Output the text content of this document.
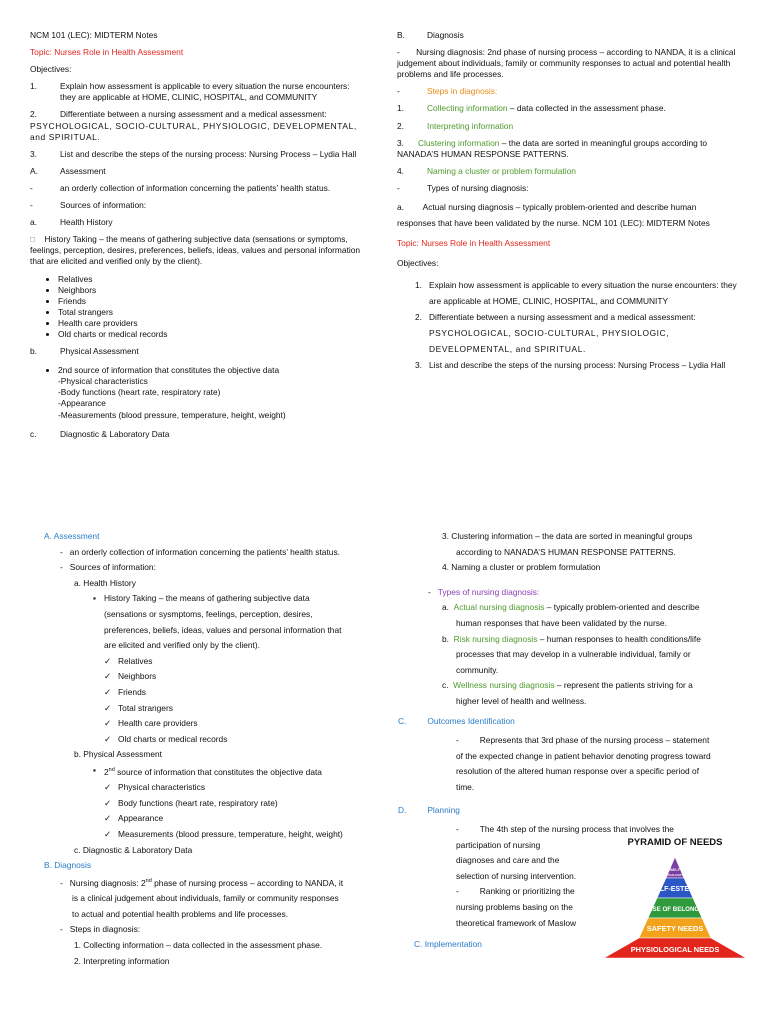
NCM 101 (LEC): MIDTERM Notes

Topic: Nurses Role in Health Assessment

Objectives:

1.	Explain how assessment is applicable to every situation the nurse encounters: they are applicable at HOME, CLINIC, HOSPITAL, and COMMUNITY
2.	Differentiate between a nursing assessment and a medical assessment:

PSYCHOLOGICAL, SOCIO-CULTURAL, PHYSIOLOGIC, DEVELOPMENTAL, and SPIRITUAL.

3.	List and describe the steps of the nursing process: Nursing Process – Lydia Hall
A.	Assessment
-	an orderly collection of information concerning the patients’ health status.
-	Sources of information:
a.	Health History

□ History Taking – the means of gathering subjective data (sensations or symptoms, feelings, perception, desires, preferences, beliefs, ideas, values and personal information that are elicited and verified only by the client).

• Relatives
• Neighbors
• Friends
• Total strangers
• Health care providers
• Old charts or medical records
b.	Physical Assessment
• 2nd source of information that constitutes the objective data
-Physical characteristics
-Body functions (heart rate, respiratory rate)
-Appearance
-Measurements (blood pressure, temperature, height, weight)
c.	Diagnostic & Laboratory Data
B.	Diagnosis

- Nursing diagnosis: 2nd phase of nursing process – according to NANDA, it is a clinical judgement about individuals, family or community responses to actual and potential health problems and life processes.

-	Steps in diagnosis:
1.	Collecting information – data collected in the assessment phase.
2.	Interpreting information

3. Clustering information – the data are sorted in meaningful groups according to NANADA’S HUMAN RESPONSE PATTERNS.

4.	Naming a cluster or problem formulation
-	Types of nursing diagnosis:

a. Actual nursing diagnosis – typically problem-oriented and describe human responses that have been validated by the nurse. NCM 101 (LEC): MIDTERM Notes

Topic: Nurses Role in Health Assessment

Objectives:

1. Explain how assessment is applicable to every situation the nurse encounters: they are applicable at HOME, CLINIC, HOSPITAL, and COMMUNITY
2. Differentiate between a nursing assessment and a medical assessment:
PSYCHOLOGICAL, SOCIO-CULTURAL, PHYSIOLOGIC, DEVELOPMENTAL, and SPIRITUAL.
3. List and describe the steps of the nursing process: Nursing Process – Lydia Hall
A. Assessment
- an orderly collection of information concerning the patients’ health status.
- Sources of information:
a. Health History
▪ History Taking – the means of gathering subjective data
(sensations or sysmptoms, feelings, perception, desires,
preferences, beliefs, ideas, values and personal information that
are elicited and verified only by the client).
✓ Relatives
✓ Neighbors
✓ Friends
✓ Total strangers
✓ Health care providers
✓ Old charts or medical records
b. Physical Assessment
▪ 2nd source of information that constitutes the objective data
✓ Physical characteristics
✓ Body functions (heart rate, respiratory rate)
✓ Appearance
✓ Measurements (blood pressure, temperature, height, weight)
c. Diagnostic & Laboratory Data
B. Diagnosis
- Nursing diagnosis: 2nd phase of nursing process – according to NANDA, it
is a clinical judgement about individuals, family or community responses
to actual and potential health problems and life processes.
- Steps in diagnosis:
1. Collecting information – data collected in the assessment phase.
2. Interpreting information
3. Clustering information – the data are sorted in meaningful groups
according to NANADA’S HUMAN RESPONSE PATTERNS.
4. Naming a cluster or problem formulation
- Types of nursing diagnosis:
a. Actual nursing diagnosis – typically problem-oriented and describe
human responses that have been validated by the nurse.
b. Risk nursing diagnosis – human responses to health conditions/life
processes that may develop in a vulnerable individual, family or
community.
c. Wellness nursing diagnosis – represent the patients striving for a
higher level of health and wellness.
C. Outcomes Identification
- Represents that 3rd phase of the nursing process – statement
of the expected change in patient behavior denoting progress toward
resolution of the altered human response over a specific period of
time.
D. Planning
- The 4th step of the nursing process that involves the
participation of nursing
diagnoses and care and the
selection of nursing intervention.
- Ranking or prioritizing the
nursing problems basing on the
theoretical framework of Maslow
C. Implementation
PYRAMID OF NEEDS
SELF
ACTUALIZATION
SELF-ESTEEM
SENSE OF BELONGING
SAFETY NEEDS
PHYSIOLOGICAL NEEDS
